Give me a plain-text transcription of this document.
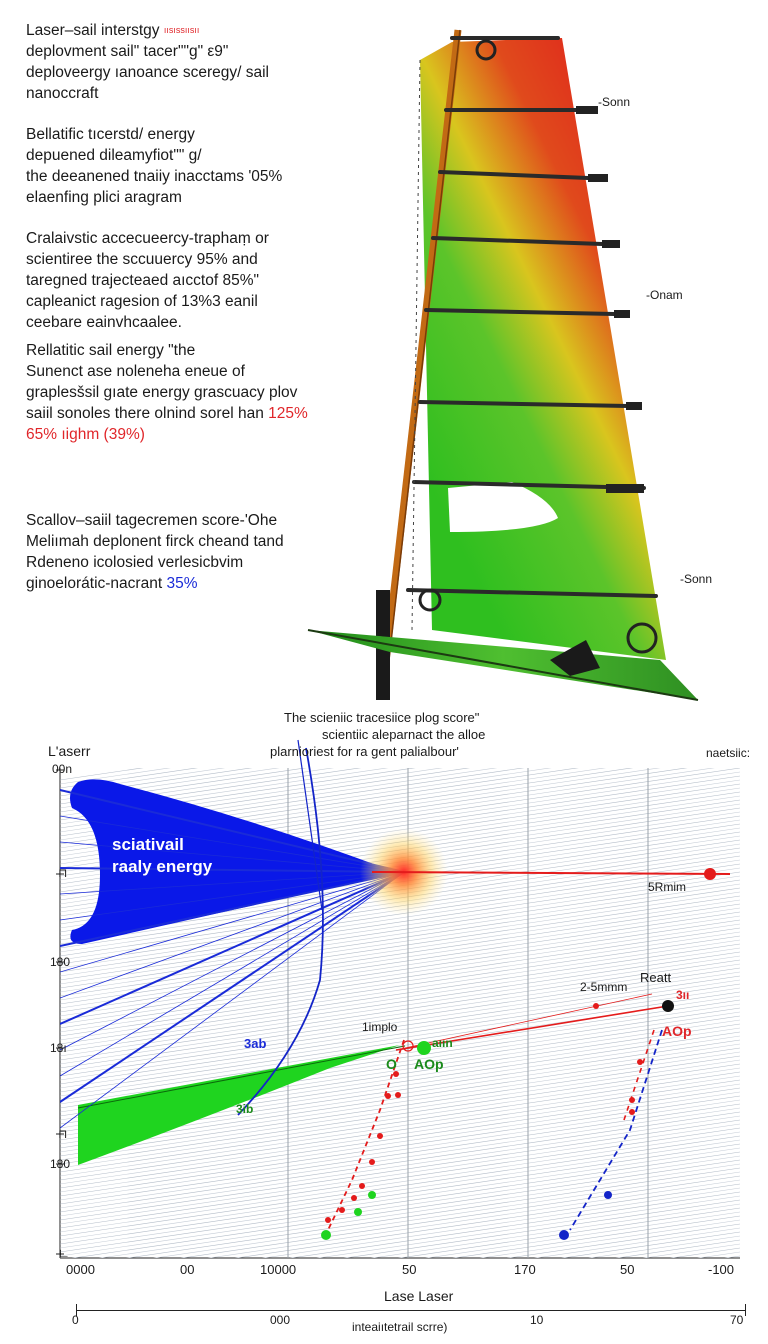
Laser–sail interstgy $^{ıısıssıısıı}$
deplovment sail" tacer""g" ε9"
deploveergy ıanoance sceregy/ sail
nanoccraft
Bellatific tıcerstd/ energy
depuened dileamyfiot"" g/
the deeanened tnaiiy inacctams '05%
elaenfing plici aragram
Cralaivstic accecueercy-traphaṃ or
scientiree the sccuuercy 95% and
taregned trajecteaed aıcctof 85%"
capleanict ragesion of 13%3 eanil
ceebare eainvhcaalee.
Rellatitic sail energy "the
Sunenct ase noleneha eneue of
graplesšsil gıate energy grascuacy plov
saiil sonoles there olnind sorel han 125%
65% ıighm (39%)
Scallov–saiil tagecremen score-'Ohe
Meliımah deplonent firck cheand tand
Rdeneno icolosied verlesicbvim
ginoelorátic-nacrant 35%
-Sonn
-Onam
-Sonn
The scieniic tracesiice plog score"
scientiic aleparnact the alloe
plarnioriest for ra gent palialbour'
L'aserr	naetsiic:
sciativail
raaly energy
00n
⊓
180
18ı
⊓
180
∟
0000	00	10000	50	170	50	-100
Lase Laser
0	000	10	70
inteaiıtetrail scrre)
5Rmim
2-5mmm
Reatt
AOp
AOp
1implo
3ab
3ib
O
3ıı
aıın
